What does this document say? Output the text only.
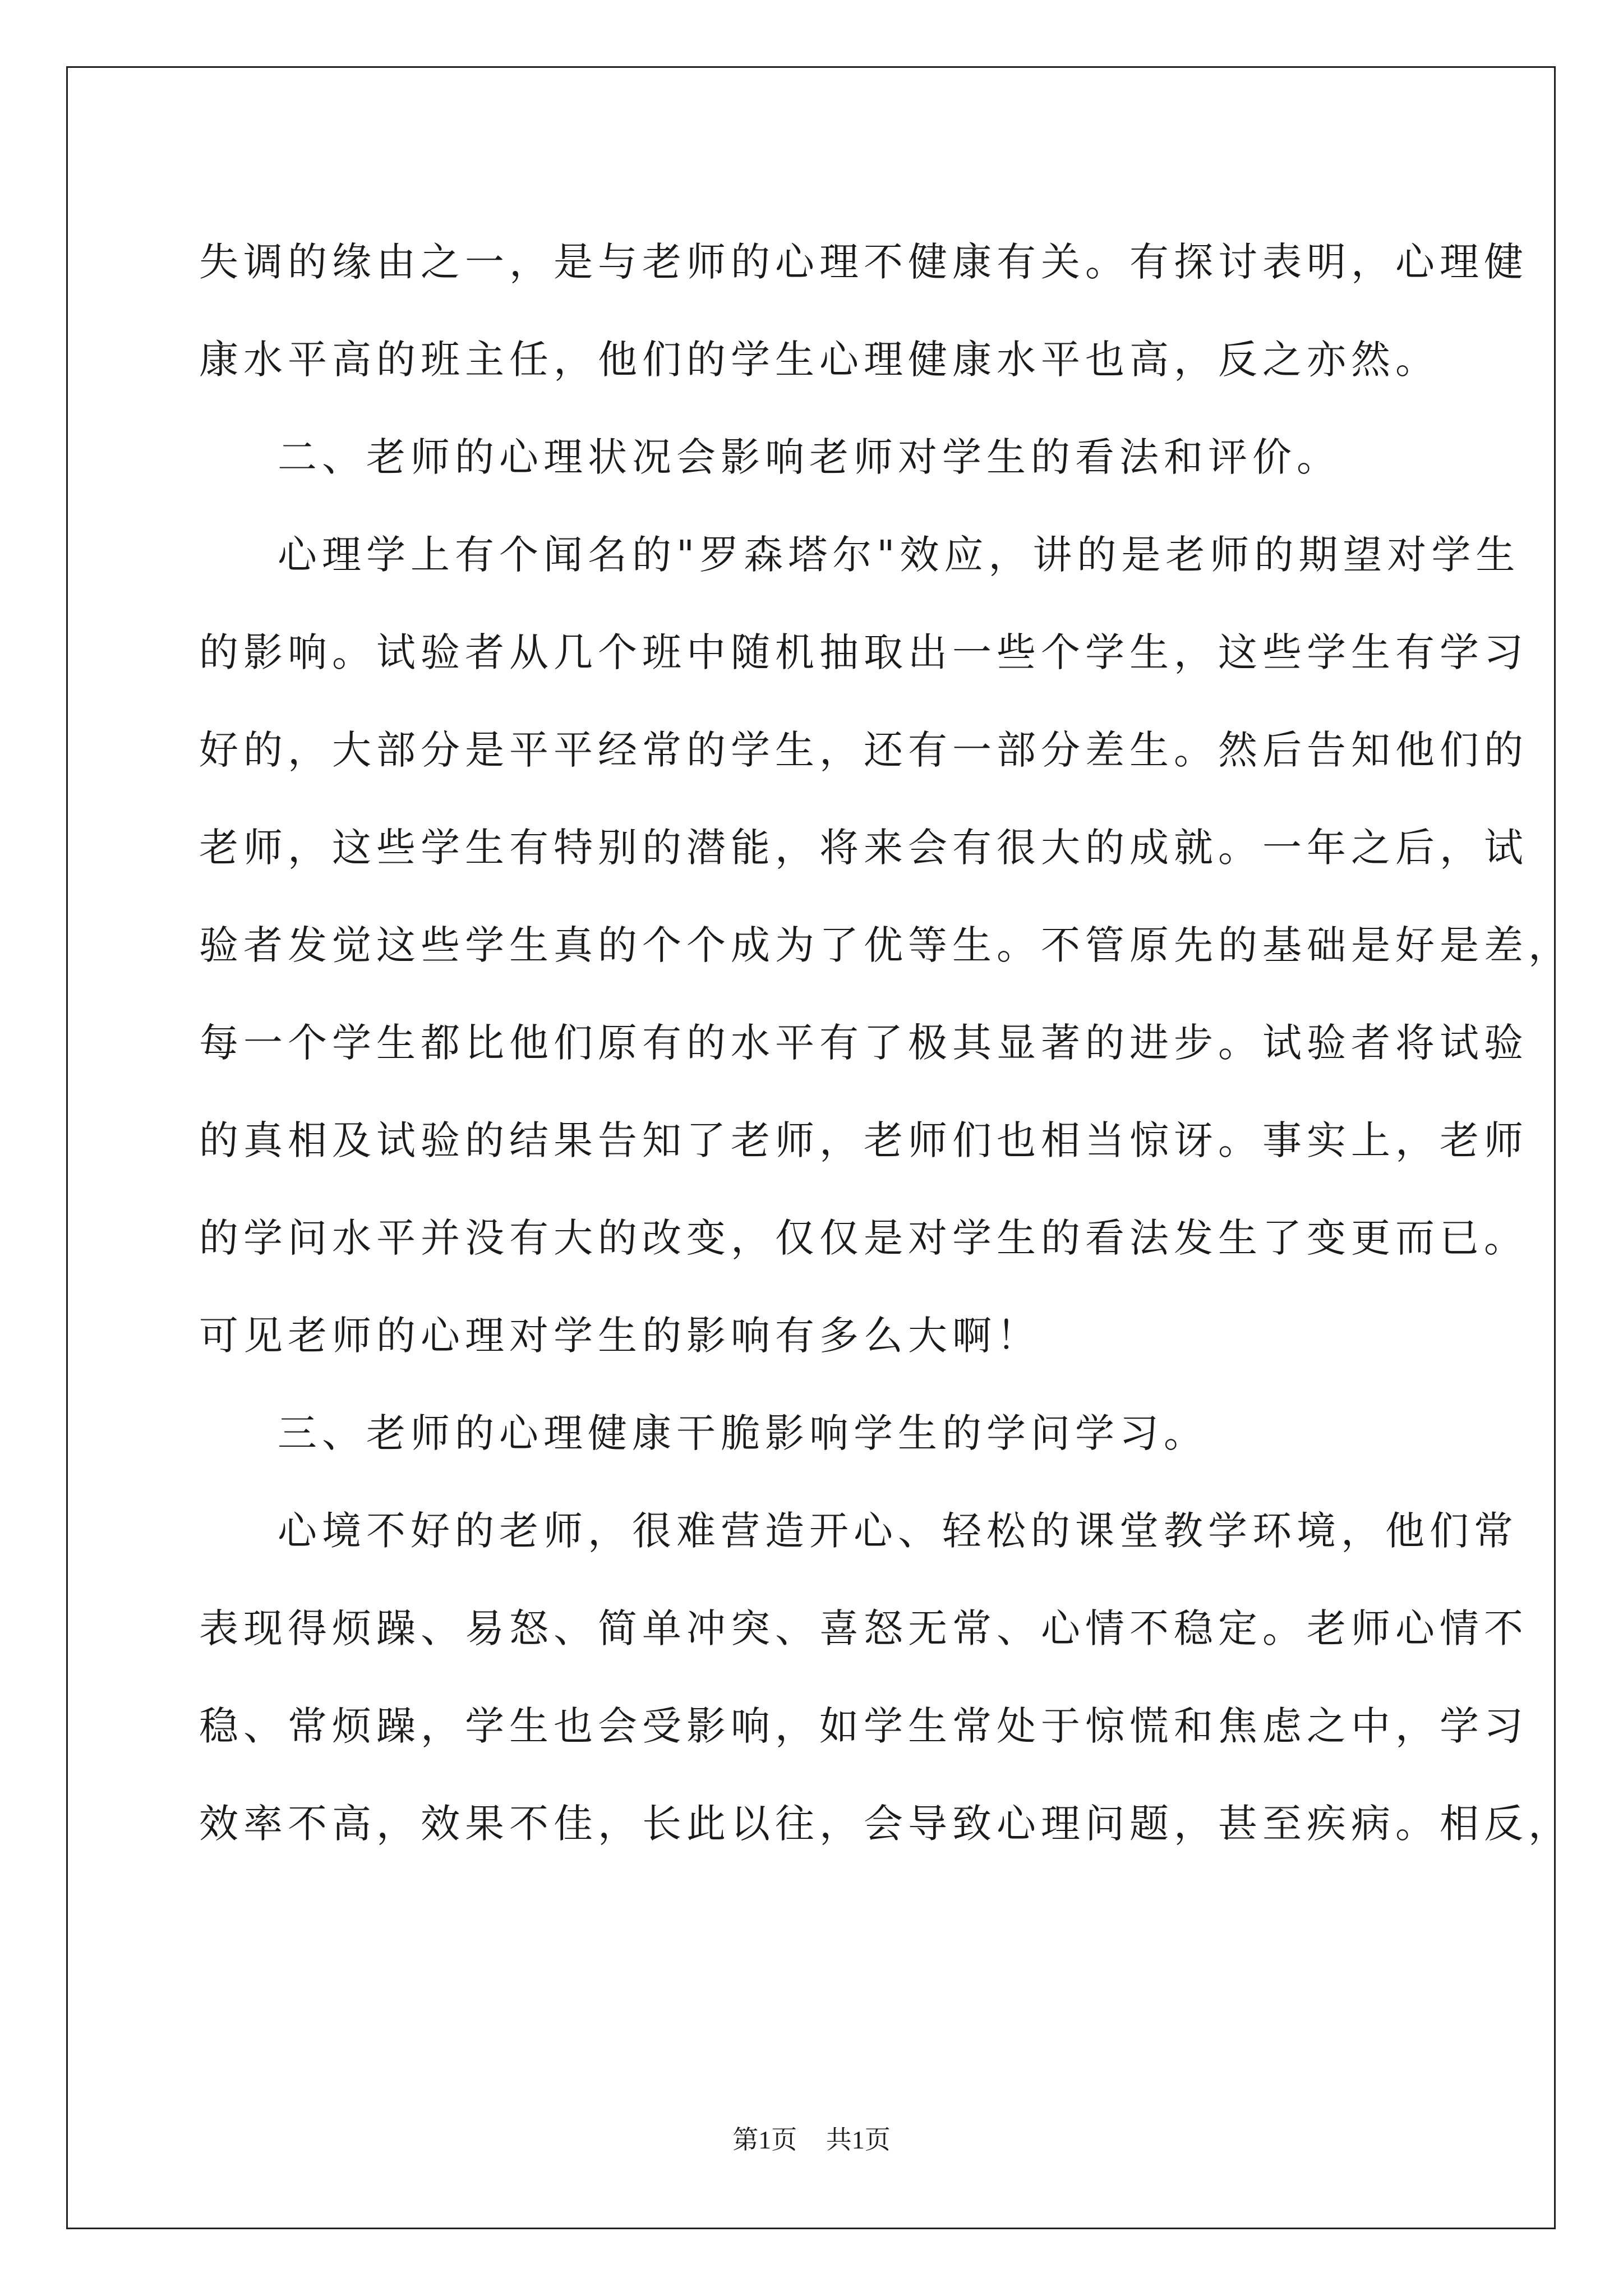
失调的缘由之一，是与老师的心理不健康有关。有探讨表明，心理健
康水平高的班主任，他们的学生心理健康水平也高，反之亦然。
二、老师的心理状况会影响老师对学生的看法和评价。
心理学上有个闻名的"罗森塔尔"效应，讲的是老师的期望对学生
的影响。试验者从几个班中随机抽取出一些个学生，这些学生有学习
好的，大部分是平平经常的学生，还有一部分差生。然后告知他们的
老师，这些学生有特别的潜能，将来会有很大的成就。一年之后，试
验者发觉这些学生真的个个成为了优等生。不管原先的基础是好是差，
每一个学生都比他们原有的水平有了极其显著的进步。试验者将试验
的真相及试验的结果告知了老师，老师们也相当惊讶。事实上，老师
的学问水平并没有大的改变，仅仅是对学生的看法发生了变更而已。
可见老师的心理对学生的影响有多么大啊！
三、老师的心理健康干脆影响学生的学问学习。
心境不好的老师，很难营造开心、轻松的课堂教学环境，他们常
表现得烦躁、易怒、简单冲突、喜怒无常、心情不稳定。老师心情不
稳、常烦躁，学生也会受影响，如学生常处于惊慌和焦虑之中，学习
效率不高，效果不佳，长此以往，会导致心理问题，甚至疾病。相反，
第1页 共1页
